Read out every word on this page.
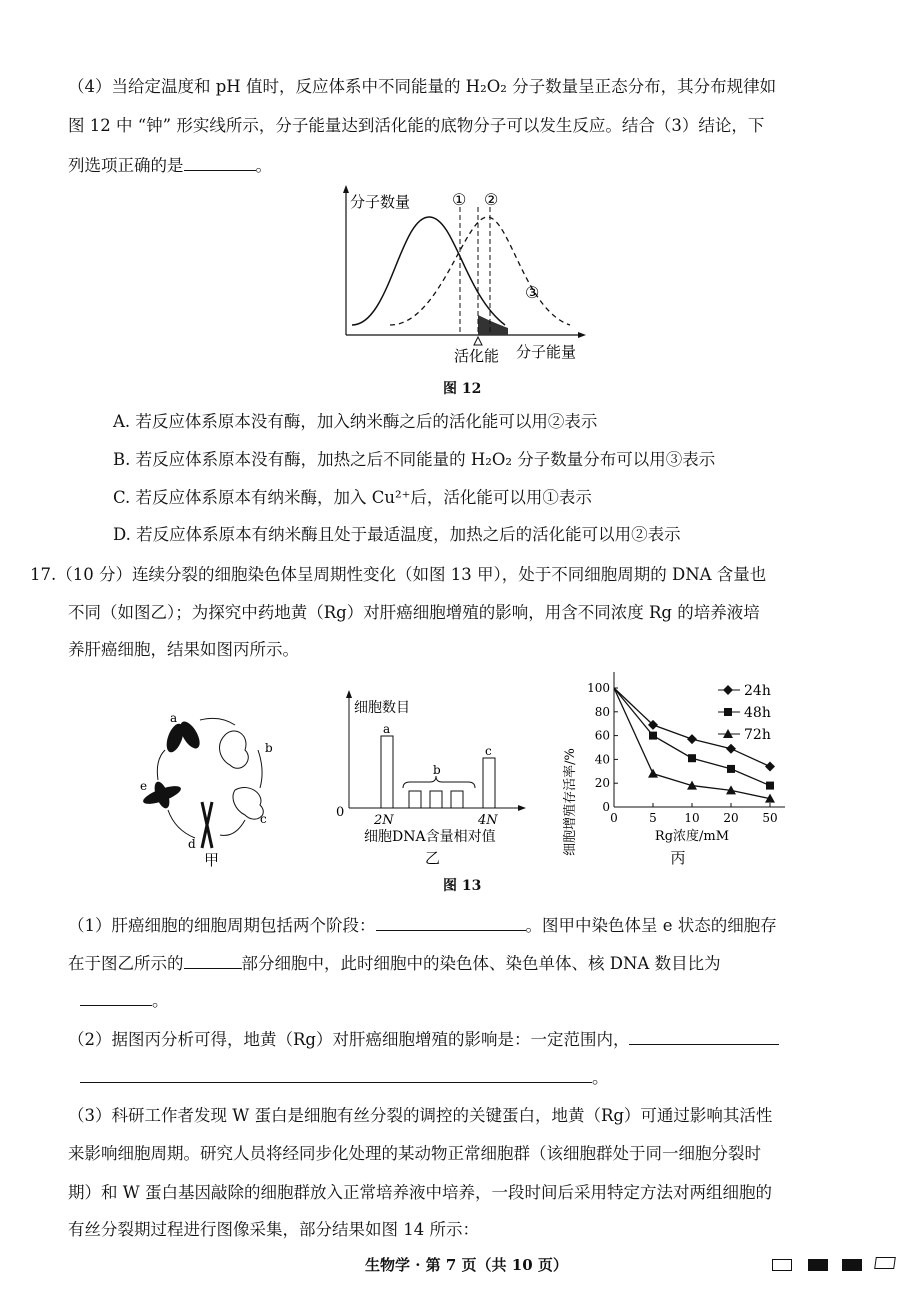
（4）当给定温度和 pH 值时，反应体系中不同能量的 H₂O₂ 分子数量呈正态分布，其分布规律如
图 12 中 “钟” 形实线所示，分子能量达到活化能的底物分子可以发生反应。结合（3）结论，下
列选项正确的是	。
分子数量	① ②
③
活化能 分子能量
图 12
A. 若反应体系原本没有酶，加入纳米酶之后的活化能可以用②表示
B. 若反应体系原本没有酶，加热之后不同能量的 H₂O₂ 分子数量分布可以用③表示
C. 若反应体系原本有纳米酶，加入 Cu²⁺后，活化能可以用①表示
D. 若反应体系原本有纳米酶且处于最适温度，加热之后的活化能可以用②表示
17.（10 分）连续分裂的细胞染色体呈周期性变化（如图 13 甲），处于不同细胞周期的 DNA 含量也
不同（如图乙）；为探究中药地黄（Rg）对肝癌细胞增殖的影响，用含不同浓度 Rg 的培养液培
养肝癌细胞，结果如图丙所示。
a
b
c
d
e
甲
细胞数目
a
b
c
0
2N	4N
细胞DNA含量相对值
乙
0
20
40
60
80
100
0	5 10 20 50
24h
48h
72h
细胞增殖存活率/%	Rg浓度/mM
丙
图 13
（1）肝癌细胞的细胞周期包括两个阶段：	。图甲中染色体呈 e 状态的细胞存
在于图乙所示的	部分细胞中，此时细胞中的染色体、染色单体、核 DNA 数目比为
。
（2）据图丙分析可得，地黄（Rg）对肝癌细胞增殖的影响是：一定范围内，
。
（3）科研工作者发现 W 蛋白是细胞有丝分裂的调控的关键蛋白，地黄（Rg）可通过影响其活性
来影响细胞周期。研究人员将经同步化处理的某动物正常细胞群（该细胞群处于同一细胞分裂时
期）和 W 蛋白基因敲除的细胞群放入正常培养液中培养，一段时间后采用特定方法对两组细胞的
有丝分裂期过程进行图像采集，部分结果如图 14 所示：
生物学 · 第 7 页（共 10 页）
